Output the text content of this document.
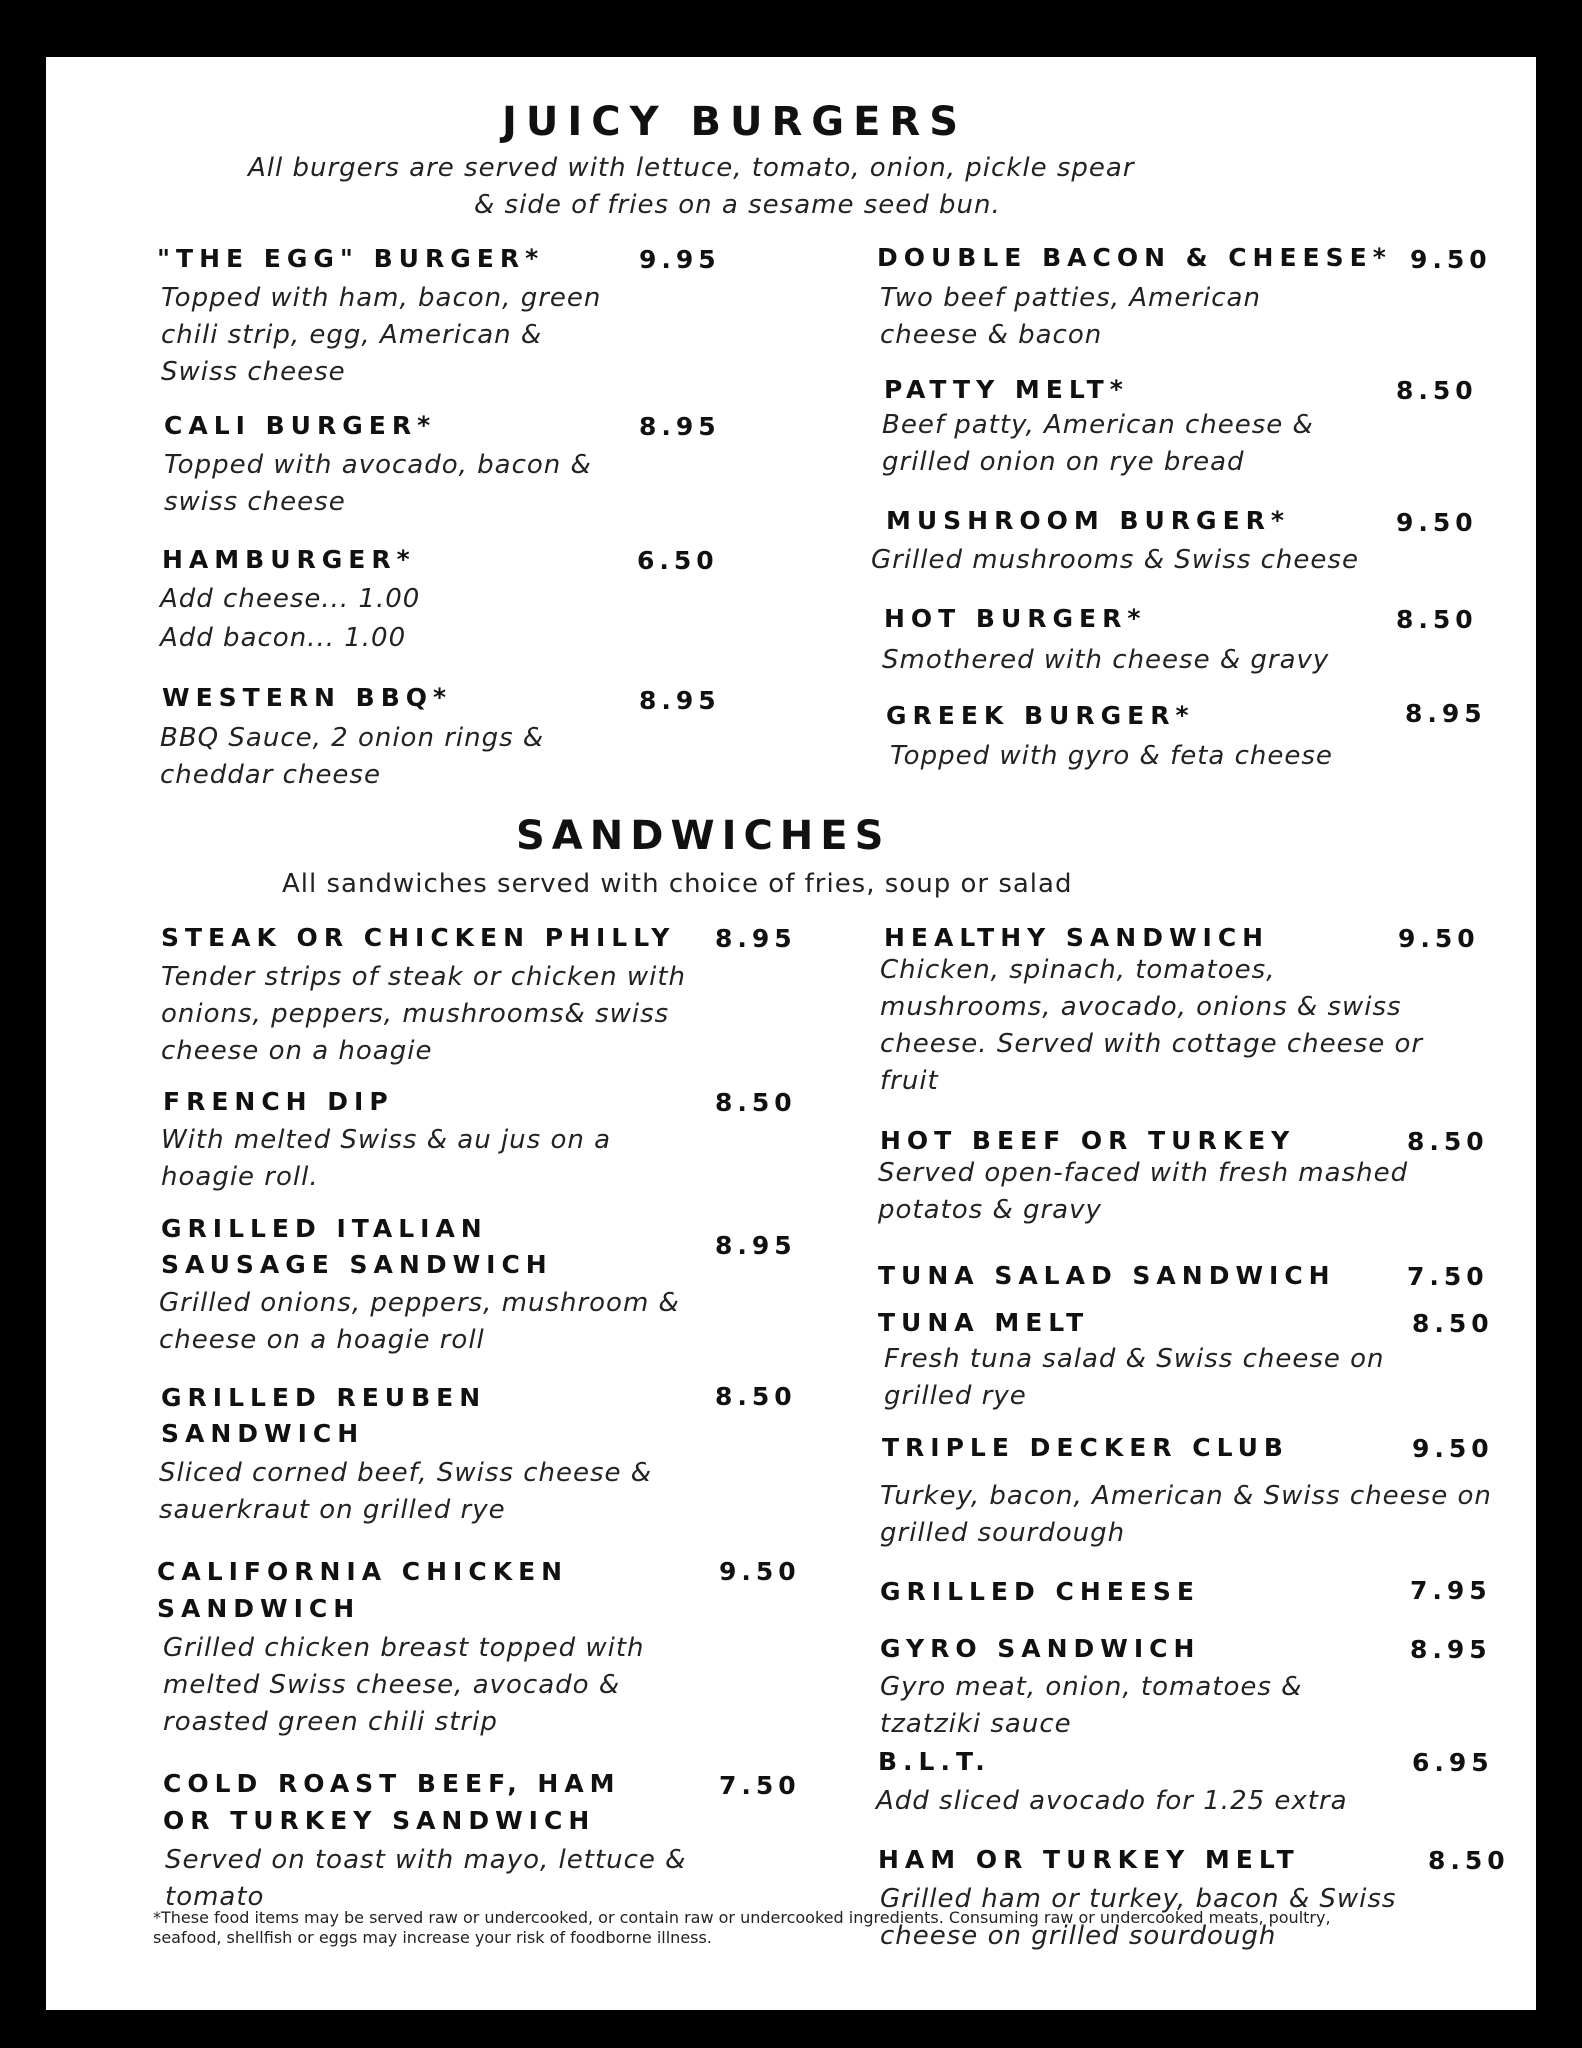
JUICY BURGERS
All burgers are served with lettuce, tomato, onion, pickle spear
& side of fries on a sesame seed bun.
"THE EGG" BURGER*	9.95
Topped with ham, bacon, green
chili strip, egg, American &
Swiss cheese
CALI BURGER*	8.95
Topped with avocado, bacon &
swiss cheese
HAMBURGER*	6.50
Add cheese... 1.00
Add bacon... 1.00
WESTERN BBQ*	8.95
BBQ Sauce, 2 onion rings &
cheddar cheese
DOUBLE BACON & CHEESE* 9.50
Two beef patties, American
cheese & bacon
PATTY MELT*	8.50
Beef patty, American cheese &
grilled onion on rye bread
MUSHROOM BURGER*	9.50
Grilled mushrooms & Swiss cheese
HOT BURGER*	8.50
Smothered with cheese & gravy
GREEK BURGER*	8.95
Topped with gyro & feta cheese
SANDWICHES
All sandwiches served with choice of fries, soup or salad
STEAK OR CHICKEN PHILLY 8.95
Tender strips of steak or chicken with
onions, peppers, mushrooms& swiss
cheese on a hoagie
FRENCH DIP	8.50
With melted Swiss & au jus on a
hoagie roll.
GRILLED ITALIAN
SAUSAGE SANDWICH
8.95
Grilled onions, peppers, mushroom &
cheese on a hoagie roll
GRILLED REUBEN
SANDWICH
8.50
Sliced corned beef, Swiss cheese &
sauerkraut on grilled rye
CALIFORNIA CHICKEN
SANDWICH
9.50
Grilled chicken breast topped with
melted Swiss cheese, avocado &
roasted green chili strip
COLD ROAST BEEF, HAM
OR TURKEY SANDWICH
7.50
Served on toast with mayo, lettuce &
tomato
HEALTHY SANDWICH	9.50
Chicken, spinach, tomatoes,
mushrooms, avocado, onions & swiss
cheese. Served with cottage cheese or
fruit
HOT BEEF OR TURKEY	8.50
Served open-faced with fresh mashed
potatos & gravy
TUNA SALAD SANDWICH	7.50
TUNA MELT	8.50
Fresh tuna salad & Swiss cheese on
grilled rye
TRIPLE DECKER CLUB	9.50
Turkey, bacon, American & Swiss cheese on
grilled sourdough
GRILLED CHEESE	7.95
GYRO SANDWICH	8.95
Gyro meat, onion, tomatoes &
tzatziki sauce
B.L.T.	6.95
Add sliced avocado for 1.25 extra
HAM OR TURKEY MELT	8.50
Grilled ham or turkey, bacon & Swiss
cheese on grilled sourdough
*These food items may be served raw or undercooked, or contain raw or undercooked ingredients. Consuming raw or undercooked meats, poultry, seafood, shellfish or eggs may increase your risk of foodborne illness.
